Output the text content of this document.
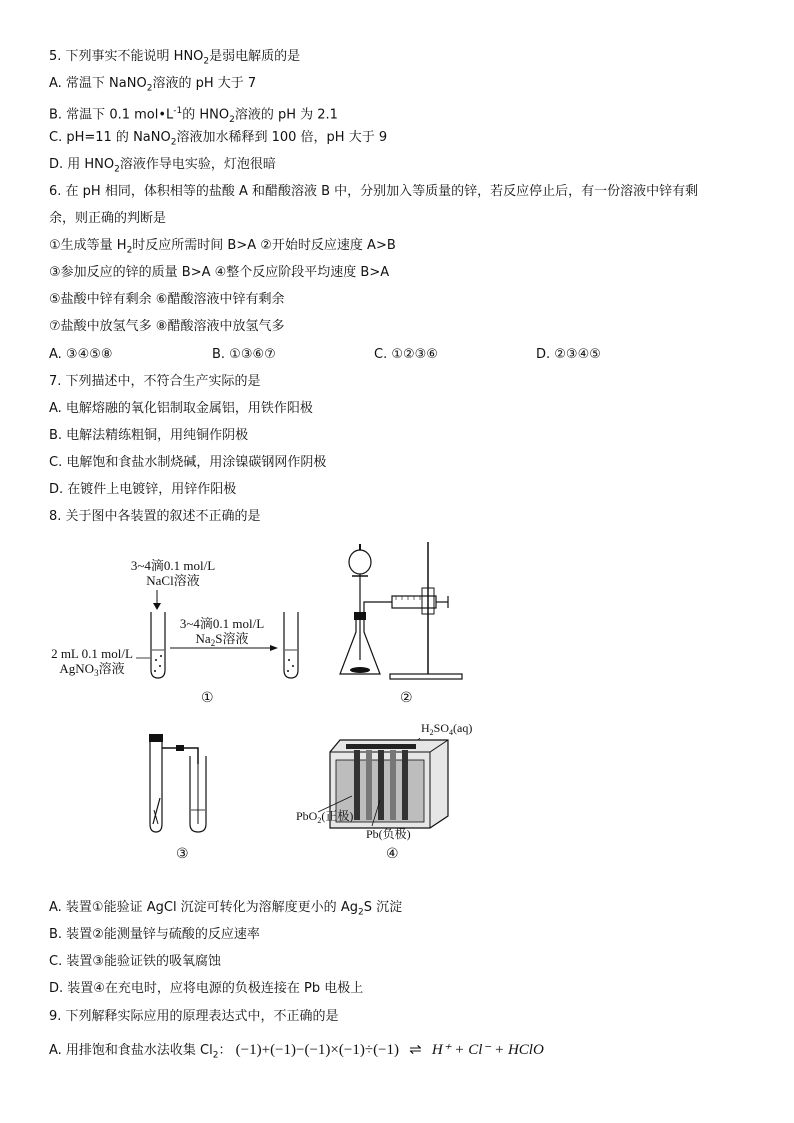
5. 下列事实不能说明 $HNO_2$是弱电解质的是
A. 常温下 NaNO$_2$溶液的 pH 大于 7
B. 常温下 0.1 $mol•L^{-1}$的 $HNO_2$溶液的 pH 为 2.1
C. pH=11 的 NaNO$_2$溶液加水稀释到 100 倍，pH 大于 9
D. 用 $HNO_2$溶液作导电实验，灯泡很暗
6. 在 pH 相同，体积相等的盐酸 A 和醋酸溶液 B 中，分别加入等质量的锌，若反应停止后，有一份溶液中锌有剩
余，则正确的判断是
①生成等量 $H_2$时反应所需时间 B>A ②开始时反应速度 A>B
③参加反应的锌的质量 B>A ④整个反应阶段平均速度 B>A
⑤盐酸中锌有剩余 ⑥醋酸溶液中锌有剩余
⑦盐酸中放氢气多 ⑧醋酸溶液中放氢气多
A. ③④⑤⑧	B. ①③⑥⑦	C. ①②③⑥	D. ②③④⑤
7. 下列描述中，不符合生产实际的是
A. 电解熔融的氧化铝制取金属铝，用铁作阳极
B. 电解法精练粗铜，用纯铜作阴极
C. 电解饱和食盐水制烧碱，用涂镍碳钢网作阴极
D. 在镀件上电镀锌，用锌作阳极
8. 关于图中各装置的叙述不正确的是
3~4滴0.1 mol/L
NaCl溶液
3~4滴0.1 mol/L
$Na_2S$溶液
2 mL 0.1 mol/L
AgNO$_3$溶液
①	②
③
$H_2SO_4(aq)$
PbO$_2$(正极)
Pb(负极)
④
A. 装置①能验证 AgCl 沉淀可转化为溶解度更小的 $Ag_2S$ 沉淀
B. 装置②能测量锌与硫酸的反应速率
C. 装置③能验证铁的吸氧腐蚀
D. 装置④在充电时，应将电源的负极连接在 Pb 电极上
9. 下列解释实际应用的原理表达式中，不正确的是
A. 用排饱和食盐水法收集 $Cl_2$： (−1)+(−1)−(−1)×(−1)÷(−1) ⇌ H⁺ + Cl⁻ + HClO
